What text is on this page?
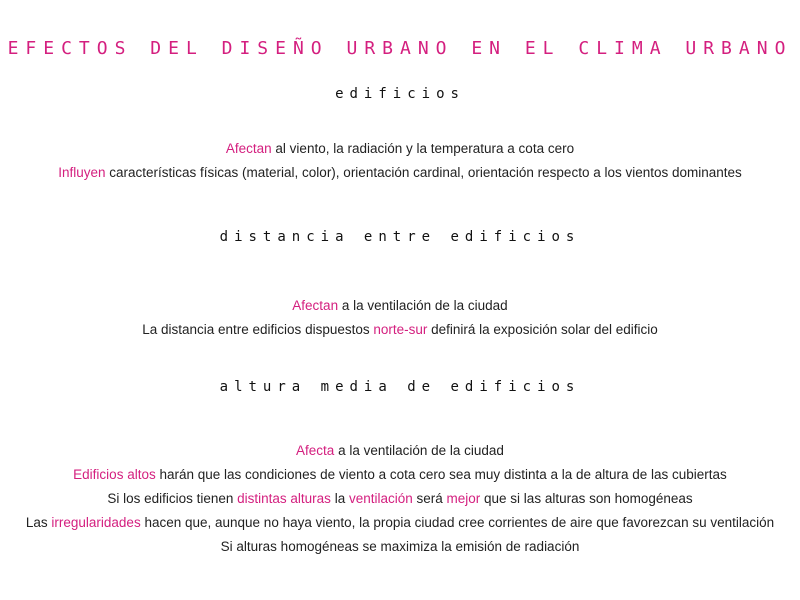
EFECTOS DEL DISEÑO URBANO EN EL CLIMA URBANO
edificios
Afectan al viento, la radiación y la temperatura a cota cero
Influyen características físicas (material, color), orientación cardinal, orientación respecto a los vientos dominantes
distancia entre edificios
Afectan a la ventilación de la ciudad
La distancia entre edificios dispuestos norte-sur definirá la exposición solar del edificio
altura media de edificios
Afecta a la ventilación de la ciudad
Edificios altos harán que las condiciones de viento a cota cero sea muy distinta a la de altura de las cubiertas
Si los edificios tienen distintas alturas la ventilación será mejor que si las alturas son homogéneas
Las irregularidades hacen que, aunque no haya viento, la propia ciudad cree corrientes de aire que favorezcan su ventilación
Si alturas homogéneas se maximiza la emisión de radiación
